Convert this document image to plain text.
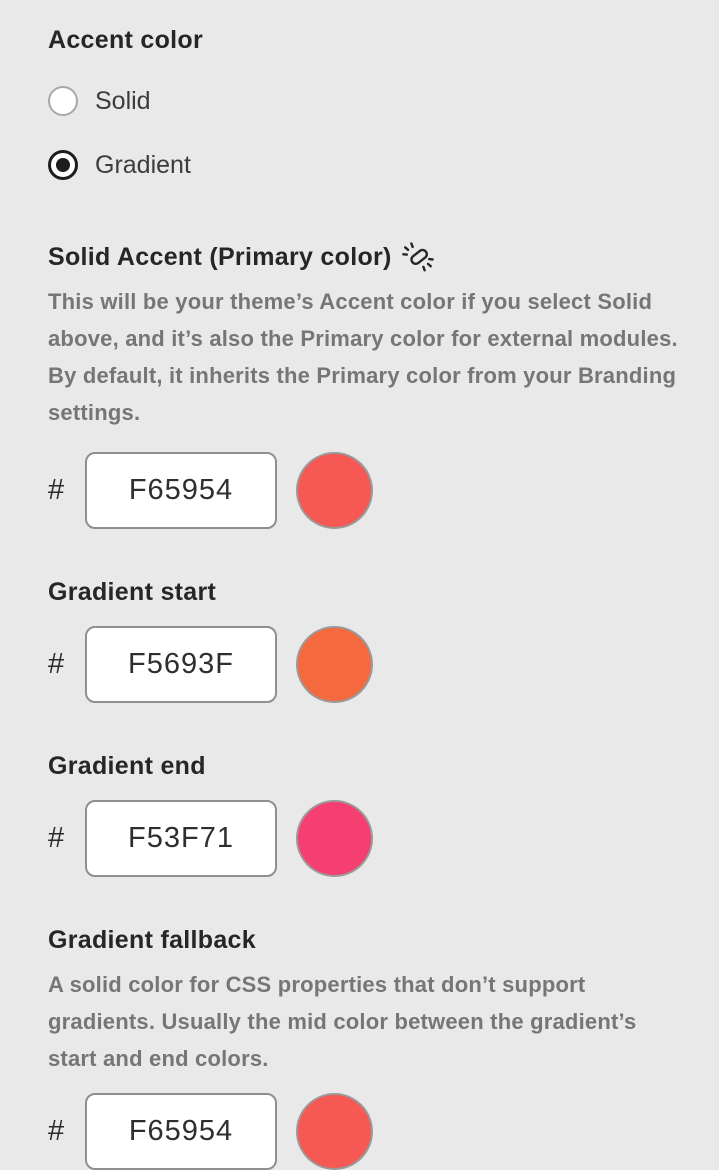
Accent color
Solid
Gradient
Solid Accent (Primary color)

This will be your theme’s Accent color if you select Solid above, and it’s also the Primary color for external modules. By default, it inherits the Primary color from your Branding settings.

#
F65954
Gradient start
#
F5693F
Gradient end
#
F53F71
Gradient fallback

A solid color for CSS properties that don’t support gradients. Usually the mid color between the gradient’s start and end colors.

#
F65954
